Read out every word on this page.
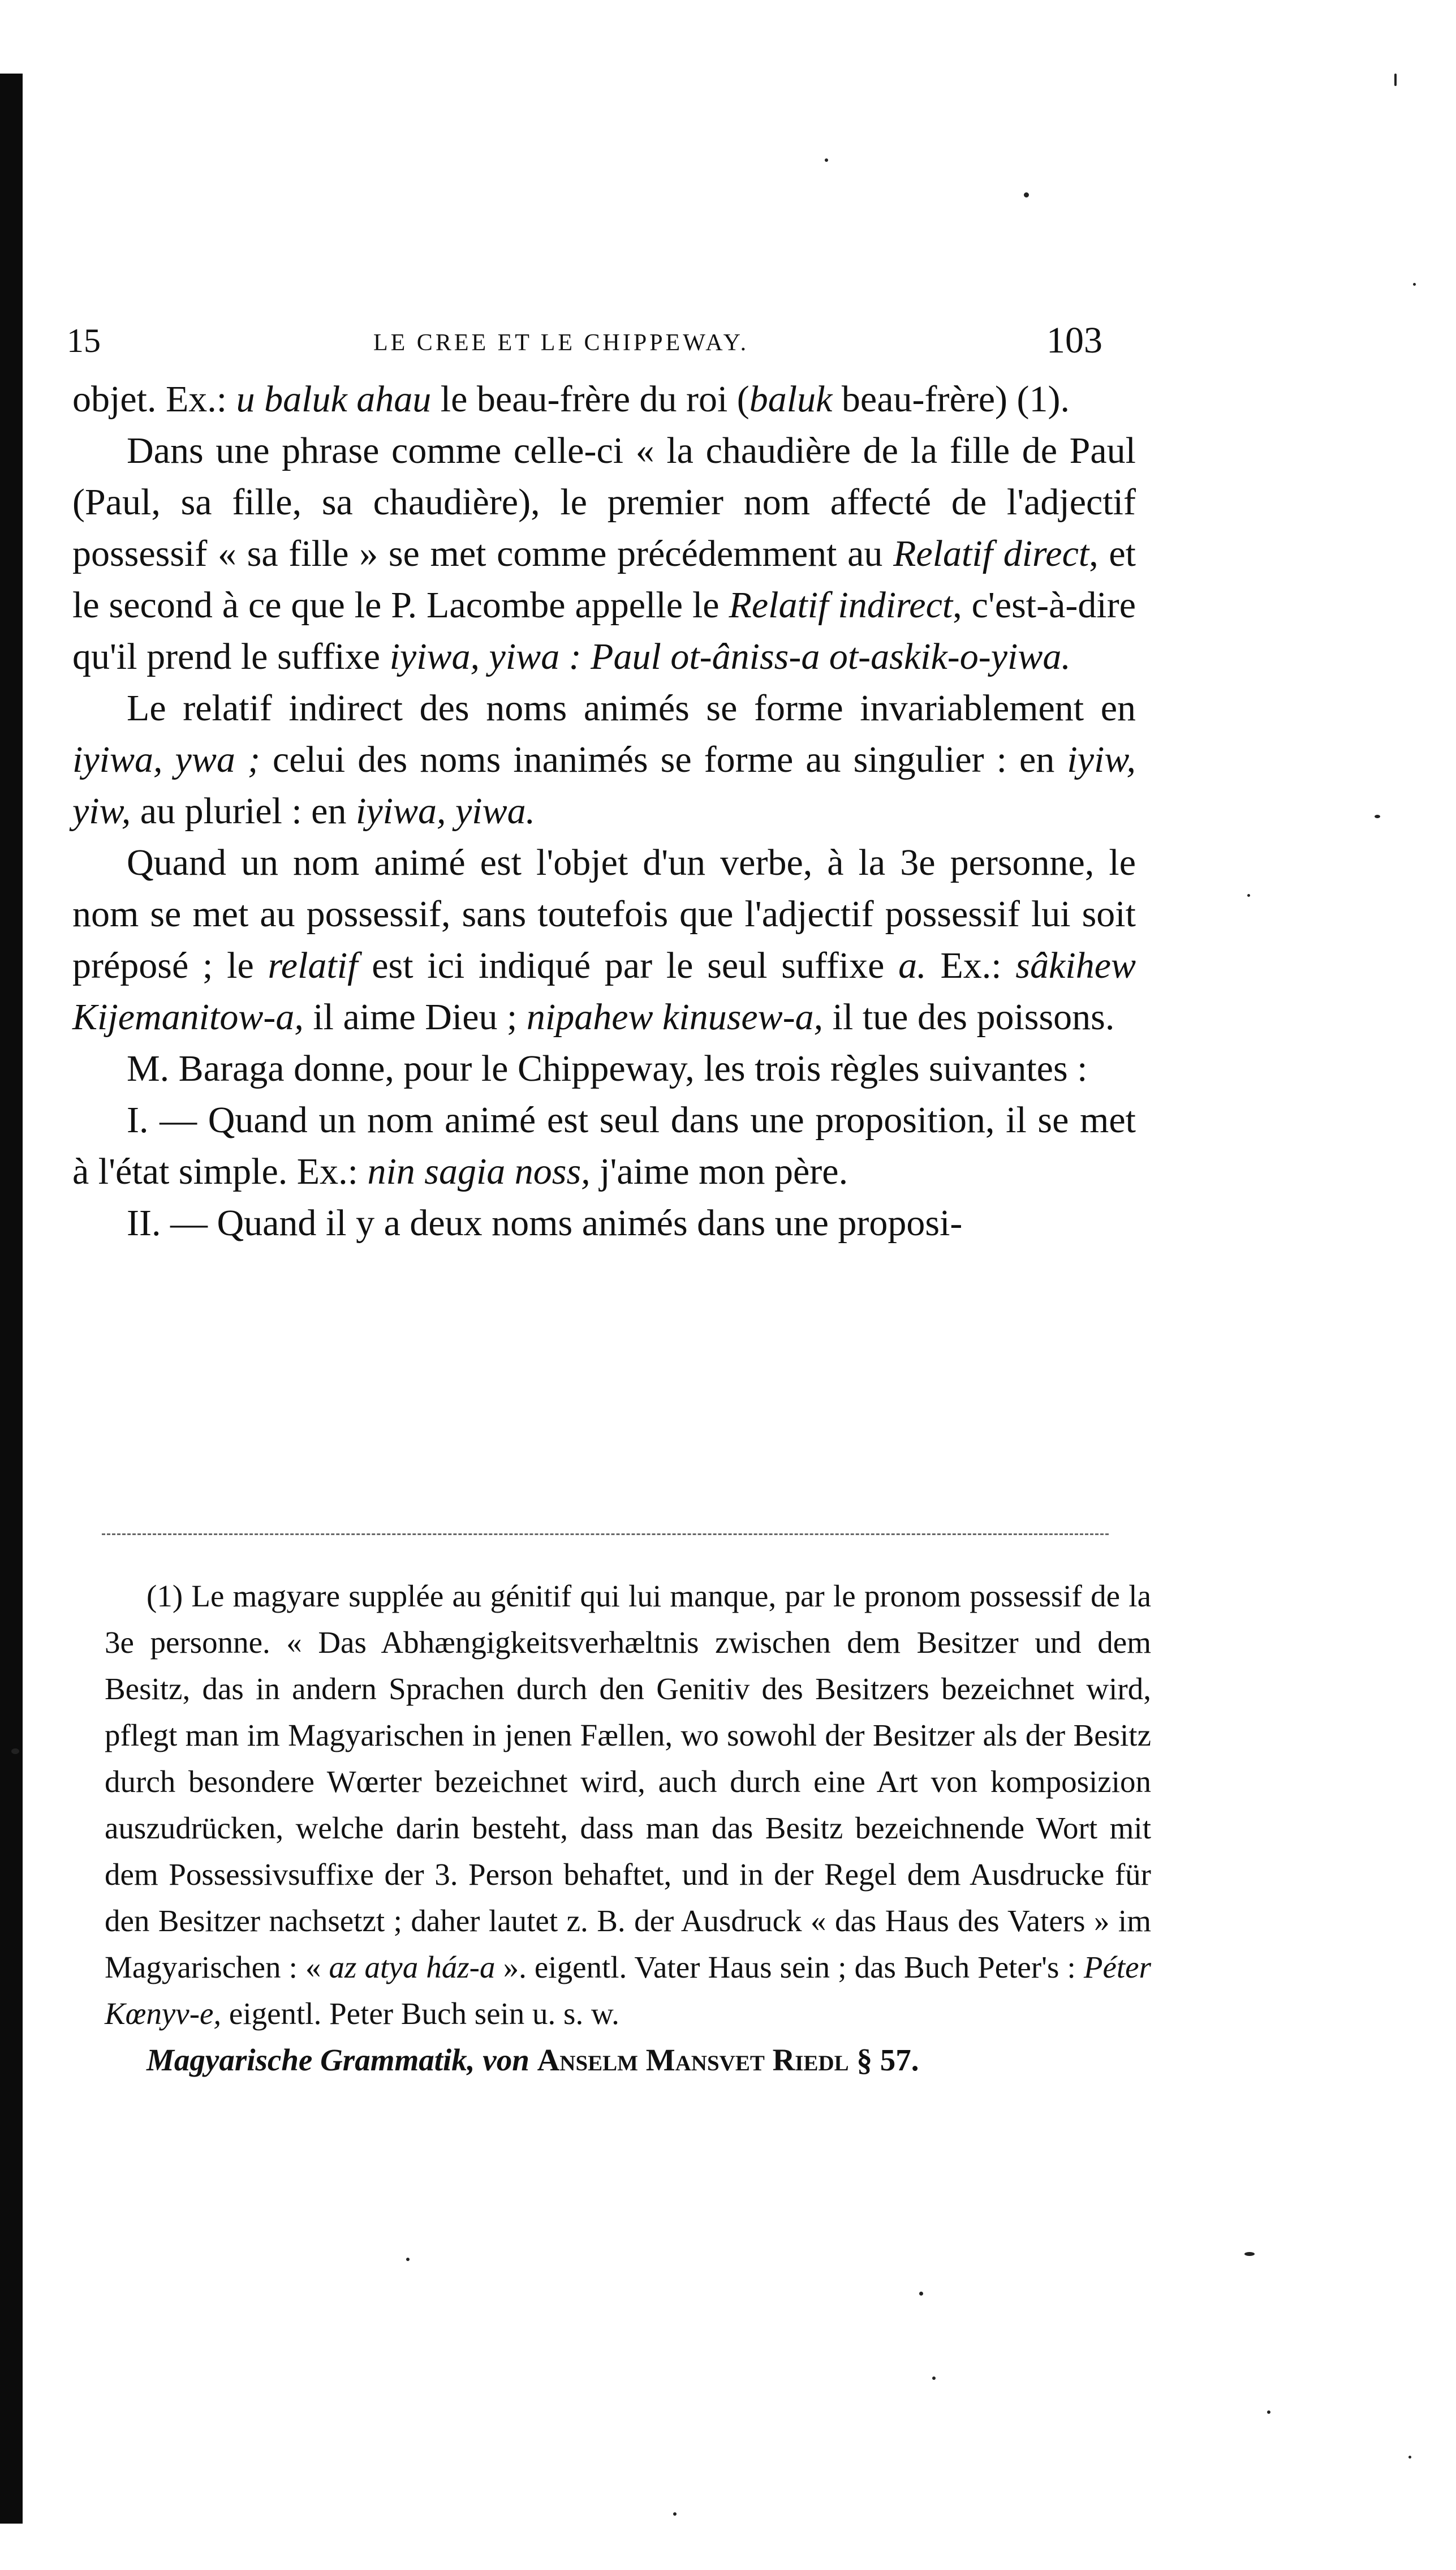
15	LE CREE ET LE CHIPPEWAY.	103

objet. Ex.: u baluk ahau le beau-frère du roi (baluk beau-frère) (1).

Dans une phrase comme celle-ci « la chaudière de la fille de Paul (Paul, sa fille, sa chaudière), le premier nom affecté de l'adjectif possessif « sa fille » se met comme précédemment au Relatif direct, et le second à ce que le P. Lacombe appelle le Relatif indirect, c'est-à-dire qu'il prend le suffixe iyiwa, yiwa : Paul ot-âniss-a ot-askik-o-yiwa.

Le relatif indirect des noms animés se forme invariablement en iyiwa, ywa ; celui des noms inanimés se forme au singulier : en iyiw, yiw, au pluriel : en iyiwa, yiwa.

Quand un nom animé est l'objet d'un verbe, à la 3e personne, le nom se met au possessif, sans toutefois que l'adjectif possessif lui soit préposé ; le relatif est ici indiqué par le seul suffixe a. Ex.: sâkihew Kijemanitow-a, il aime Dieu ; nipahew kinusew-a, il tue des poissons.

M. Baraga donne, pour le Chippeway, les trois règles suivantes :

I. — Quand un nom animé est seul dans une proposition, il se met à l'état simple. Ex.: nin sagia noss, j'aime mon père.

II. — Quand il y a deux noms animés dans une proposi-

(1) Le magyare supplée au génitif qui lui manque, par le pronom possessif de la 3e personne. « Das Abhængigkeitsverhæltnis zwischen dem Besitzer und dem Besitz, das in andern Sprachen durch den Genitiv des Besitzers bezeichnet wird, pflegt man im Magyarischen in jenen Fællen, wo sowohl der Besitzer als der Besitz durch besondere Wœrter bezeichnet wird, auch durch eine Art von komposizion auszudrücken, welche darin besteht, dass man das Besitz bezeichnende Wort mit dem Possessivsuffixe der 3. Person behaftet, und in der Regel dem Ausdrucke für den Besitzer nachsetzt ; daher lautet z. B. der Ausdruck « das Haus des Vaters » im Magyarischen : « az atya ház-a ». eigentl. Vater Haus sein ; das Buch Peter's : Péter Kœnyv-e, eigentl. Peter Buch sein u. s. w.

Magyarische Grammatik, von Anselm Mansvet Riedl § 57.
